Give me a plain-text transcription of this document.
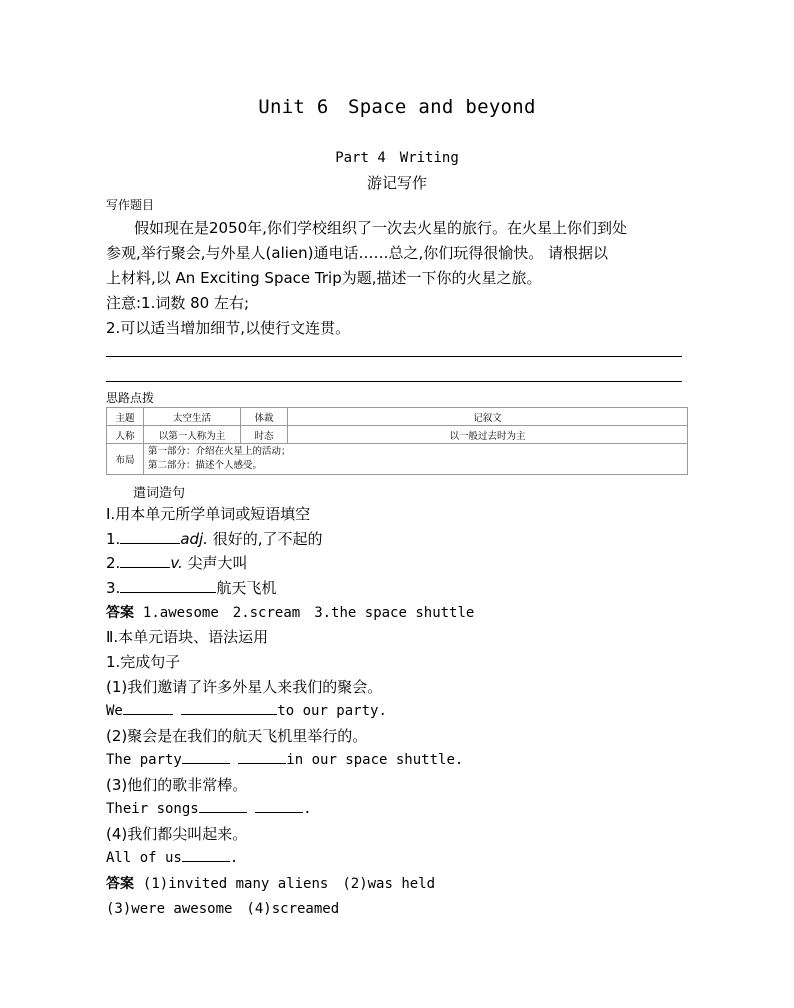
Unit 6　Space and beyond
Part 4　Writing
游记写作
写作题目
假如现在是2050年,你们学校组织了一次去火星的旅行。在火星上你们到处
参观,举行聚会,与外星人(alien)通电话……总之,你们玩得很愉快。 请根据以
上材料,以 An Exciting Space Trip为题,描述一下你的火星之旅。
注意:1.词数 80 左右;
2.可以适当增加细节,以使行文连贯。
思路点拨
主题	太空生活	体裁	记叙文
人称	以第一人称为主	时态	以一般过去时为主
布局	第一部分：介绍在火星上的活动；
第二部分：描述个人感受。		
遣词造句
Ⅰ.用本单元所学单词或短语填空
1.	adj. 很好的,了不起的
2.	v. 尖声大叫
3.	航天飞机
答案 1.awesome　2.scream　3.the space shuttle
Ⅱ.本单元语块、语法运用
1.完成句子
(1)我们邀请了许多外星人来我们的聚会。
We	to our party.
(2)聚会是在我们的航天飞机里举行的。
The party	in our space shuttle.
(3)他们的歌非常棒。
Their songs	.
(4)我们都尖叫起来。
All of us	.
答案 (1)invited many aliens　(2)was held
(3)were awesome　(4)screamed
